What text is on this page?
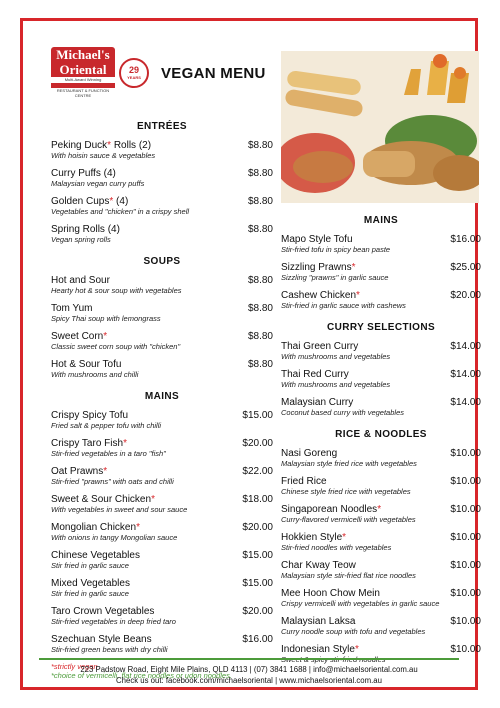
Michael's
Oriental
Multi-Award Winning
RESTAURANT & FUNCTION CENTRE
29
YEARS VEGAN MENU
ENTRÉES
Peking Duck* Rolls (2)	$8.80
With hoisin sauce & vegetables
Curry Puffs (4)	$8.80
Malaysian vegan curry puffs
Golden Cups* (4)	$8.80
Vegetables and "chicken" in a crispy shell
Spring Rolls (4)	$8.80
Vegan spring rolls
SOUPS
Hot and Sour	$8.80
Hearty hot & sour soup with vegetables
Tom Yum	$8.80
Spicy Thai soup with lemongrass
Sweet Corn*	$8.80
Classic sweet corn soup with "chicken"
Hot & Sour Tofu	$8.80
With mushrooms and chilli
MAINS
Crispy Spicy Tofu	$15.00
Fried salt & pepper tofu with chilli
Crispy Taro Fish*	$20.00
Stir-fried vegetables in a taro "fish"
Oat Prawns*	$22.00
Stir-fried "prawns" with oats and chilli
Sweet & Sour Chicken*	$18.00
With vegetables in sweet and sour sauce
Mongolian Chicken*	$20.00
With onions in tangy Mongolian sauce
Chinese Vegetables	$15.00
Stir fried in garlic sauce
Mixed Vegetables	$15.00
Stir fried in garlic sauce
Taro Crown Vegetables	$20.00
Stir-fried vegetables in deep fried taro
Szechuan Style Beans	$16.00
Stir-fried green beans with dry chilli
*strictly vegan
*choice of vermicelli, flat rice noodles or udon noodles.
MAINS
Mapo Style Tofu	$16.00
Stir-fried tofu in spicy bean paste
Sizzling Prawns*	$25.00
Sizzling "prawns" in garlic sauce
Cashew Chicken*	$20.00
Stir-fried in garlic sauce with cashews
CURRY SELECTIONS
Thai Green Curry	$14.00
With mushrooms and vegetables
Thai Red Curry	$14.00
With mushrooms and vegetables
Malaysian Curry	$14.00
Coconut based curry with vegetables
RICE & NOODLES
Nasi Goreng	$10.00
Malaysian style fried rice with vegetables
Fried Rice	$10.00
Chinese style fried rice with vegetables
Singaporean Noodles*	$10.00
Curry-flavored vermicelli with vegetables
Hokkien Style*	$10.00
Stir-fried noodles with vegetables
Char Kway Teow	$10.00
Malaysian style stir-fried flat rice noodles
Mee Hoon Chow Mein	$10.00
Crispy vermicelli with vegetables in garlic sauce
Malaysian Laksa	$10.00
Curry noodle soup with tofu and vegetables
Indonesian Style*	$10.00
Sweet & spicy stir-fried noodles
223 Padstow Road, Eight Mile Plains, QLD 4113 | (07) 3841 1688 | info@michaelsoriental.com.au
Check us out: facebook.com/michaelsoriental | www.michaelsoriental.com.au
